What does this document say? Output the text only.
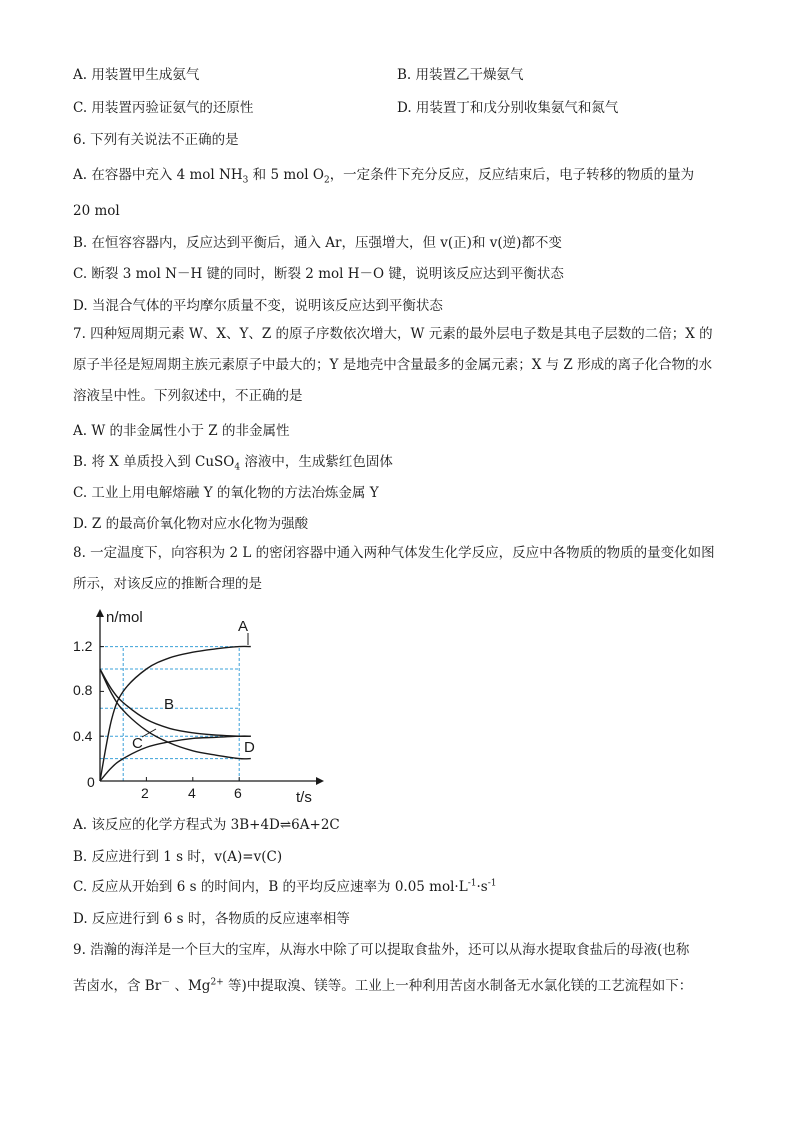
A. 用装置甲生成氨气	B. 用装置乙干燥氨气
C. 用装置丙验证氨气的还原性	D. 用装置丁和戊分别收集氨气和氮气
6. 下列有关说法不正确的是
A. 在容器中充入 4 mol $NH_3$ 和 5 mol $O_2$，一定条件下充分反应，反应结束后，电子转移的物质的量为
20 mol
B. 在恒容容器内，反应达到平衡后，通入 Ar，压强增大，但 v(正)和 v(逆)都不变
C. 断裂 3 mol N－H 键的同时，断裂 2 mol H－O 键，说明该反应达到平衡状态
D. 当混合气体的平均摩尔质量不变，说明该反应达到平衡状态
7. 四种短周期元素 W、X、Y、Z 的原子序数依次增大，W 元素的最外层电子数是其电子层数的二倍；X 的原子半径是短周期主族元素原子中最大的；Y 是地壳中含量最多的金属元素；X 与 Z 形成的离子化合物的水溶液呈中性。下列叙述中，不正确的是
A. W 的非金属性小于 Z 的非金属性
B. 将 X 单质投入到 CuSO$_4$ 溶液中，生成紫红色固体
C. 工业上用电解熔融 Y 的氧化物的方法冶炼金属 Y
D. Z 的最高价氧化物对应水化物为强酸
8. 一定温度下，向容积为 2 L 的密闭容器中通入两种气体发生化学反应，反应中各物质的物质的量变化如图所示，对该反应的推断合理的是
n/mol
t/s
0
2	4	6
0.4
0.8
1.2
A
B
C	D
A. 该反应的化学方程式为 3B+4D⇌6A+2C
B. 反应进行到 1 s 时，v(A)=v(C)
C. 反应从开始到 6 s 的时间内，B 的平均反应速率为 0.05 $mol\cdot L^{-1}\cdot s^{-1}$
D. 反应进行到 6 s 时，各物质的反应速率相等
9. 浩瀚的海洋是一个巨大的宝库，从海水中除了可以提取食盐外，还可以从海水提取食盐后的母液(也称
苦卤水，含 Br－ 、$Mg^{2+}$ 等)中提取溴、镁等。工业上一种利用苦卤水制备无水氯化镁的工艺流程如下：
